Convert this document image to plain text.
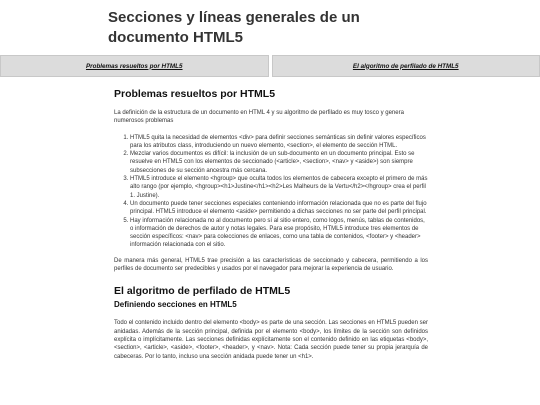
Secciones y líneas generales de un documento HTML5
Problemas resueltos por HTML5	El algoritmo de perfilado de HTML5
Problemas resueltos por HTML5

La definición de la estructura de un documento en HTML 4 y su algoritmo de perfilado es muy tosco y genera numerosos problemas

1. HTML5 quita la necesidad de elementos <div> para definir secciones semánticas sin definir valores específicos para los atributos class, introduciendo un nuevo elemento, <section>, el elemento de sección HTML.
2. Mezclar varios documentos es difícil: la inclusión de un sub-documento en un documento principal. Esto se resuelve en HTML5 con los elementos de seccionado (<article>, <section>, <nav> y <aside>) son siempre subsecciones de su sección ancestra más cercana.
3. HTML5 introduce el elemento <hgroup> que oculta todos los elementos de cabecera excepto el primero de más alto rango (por ejemplo, <hgroup><h1>Justine</h1><h2>Les Malheurs de la Vertu</h2></hgroup> crea el perfil 1. Justine).
4. Un documento puede tener secciones especiales conteniendo información relacionada que no es parte del flujo principal. HTML5 introduce el elemento <aside> permitiendo a dichas secciones no ser parte del perfil principal.
5. Hay información relacionada no al documento pero sí al sitio entero, como logos, menús, tablas de contenidos, o información de derechos de autor y notas legales. Para ese propósito, HTML5 introduce tres elementos de sección específicos: <nav> para colecciones de enlaces, como una tabla de contenidos, <footer> y <header> información relacionada con el sitio.

De manera más general, HTML5 trae precisión a las características de seccionado y cabecera, permitiendo a los perfiles de documento ser predecibles y usados por el navegador para mejorar la experiencia de usuario.

El algoritmo de perfilado de HTML5
Definiendo secciones en HTML5

Todo el contenido incluido dentro del elemento <body> es parte de una sección. Las secciones en HTML5 pueden ser anidadas. Además de la sección principal, definida por el elemento <body>, los límites de la sección son definidos explícita o implícitamente. Las secciones definidas explícitamente son el contenido definido en las etiquetas <body>, <section>, <article>, <aside>, <footer>, <header>, y <nav>. Nota: Cada sección puede tener su propia jerarquía de cabeceras. Por lo tanto, incluso una sección anidada puede tener un <h1>.
